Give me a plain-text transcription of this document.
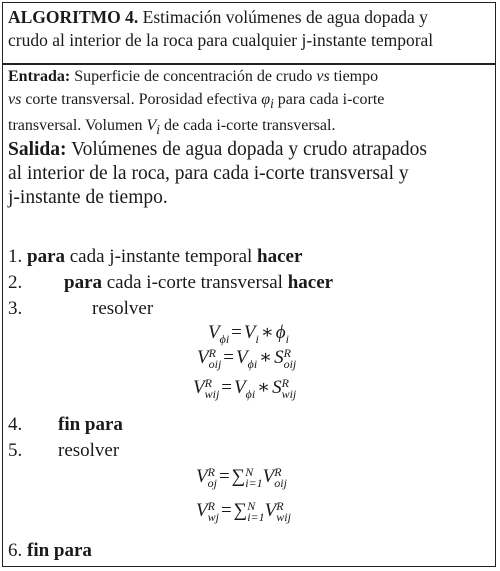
ALGORITMO 4. Estimación volúmenes de agua dopada y
crudo al interior de la roca para cualquier j-instante temporal
Entrada: Superficie de concentración de crudo vs tiempo
vs corte transversal. Porosidad efectiva $\varphi_i$ para cada i-corte
transversal. Volumen $V_i$ de cada i-corte transversal.
Salida: Volúmenes de agua dopada y crudo atrapados
al interior de la roca, para cada i-corte transversal y
j-instante de tiempo.
1. para cada j-instante temporal hacer
2. para cada i-corte transversal hacer
3.	resolver
$V_{\phi i} = V_i$ ∗ $\phi_i$
V R
oij = $V_{\phi i}$ ∗ S R
oij
V R
wij = $V_{\phi i}$ ∗ S R
wij
4. fin para
5. resolver
V R
oj = ∑ N
i=1 V R
oij
V R
wj = ∑ N
i=1 V R
wij
6. fin para
